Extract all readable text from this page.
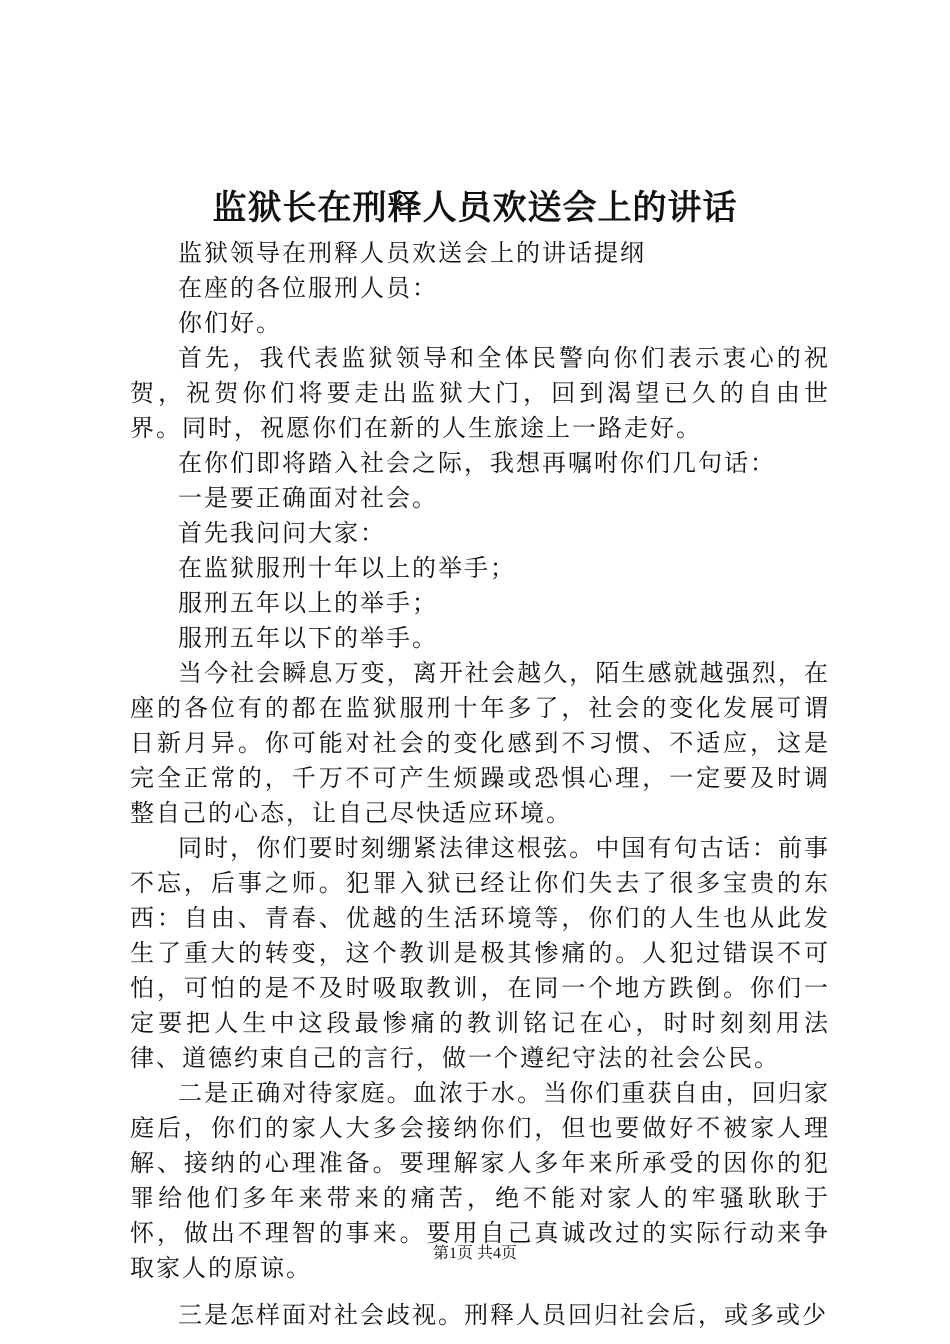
监狱长在刑释人员欢送会上的讲话

监狱领导在刑释人员欢送会上的讲话提纲

在座的各位服刑人员：

你们好。

首先，我代表监狱领导和全体民警向你们表示衷心的祝贺，祝贺你们将要走出监狱大门，回到渴望已久的自由世界。同时，祝愿你们在新的人生旅途上一路走好。

在你们即将踏入社会之际，我想再嘱咐你们几句话：

一是要正确面对社会。

首先我问问大家：

在监狱服刑十年以上的举手；

服刑五年以上的举手；

服刑五年以下的举手。

当今社会瞬息万变，离开社会越久，陌生感就越强烈，在座的各位有的都在监狱服刑十年多了，社会的变化发展可谓日新月异。你可能对社会的变化感到不习惯、不适应，这是完全正常的，千万不可产生烦躁或恐惧心理，一定要及时调整自己的心态，让自己尽快适应环境。

同时，你们要时刻绷紧法律这根弦。中国有句古话：前事不忘，后事之师。犯罪入狱已经让你们失去了很多宝贵的东西：自由、青春、优越的生活环境等，你们的人生也从此发生了重大的转变，这个教训是极其惨痛的。人犯过错误不可怕，可怕的是不及时吸取教训，在同一个地方跌倒。你们一定要把人生中这段最惨痛的教训铭记在心，时时刻刻用法律、道德约束自己的言行，做一个遵纪守法的社会公民。

二是正确对待家庭。血浓于水。当你们重获自由，回归家庭后，你们的家人大多会接纳你们，但也要做好不被家人理解、接纳的心理准备。要理解家人多年来所承受的因你的犯罪给他们多年来带来的痛苦，绝不能对家人的牢骚耿耿于怀，做出不理智的事来。要用自己真诚改过的实际行动来争取家人的原谅。

三是怎样面对社会歧视。刑释人员回归社会后，或多或少

第1页 共4页
